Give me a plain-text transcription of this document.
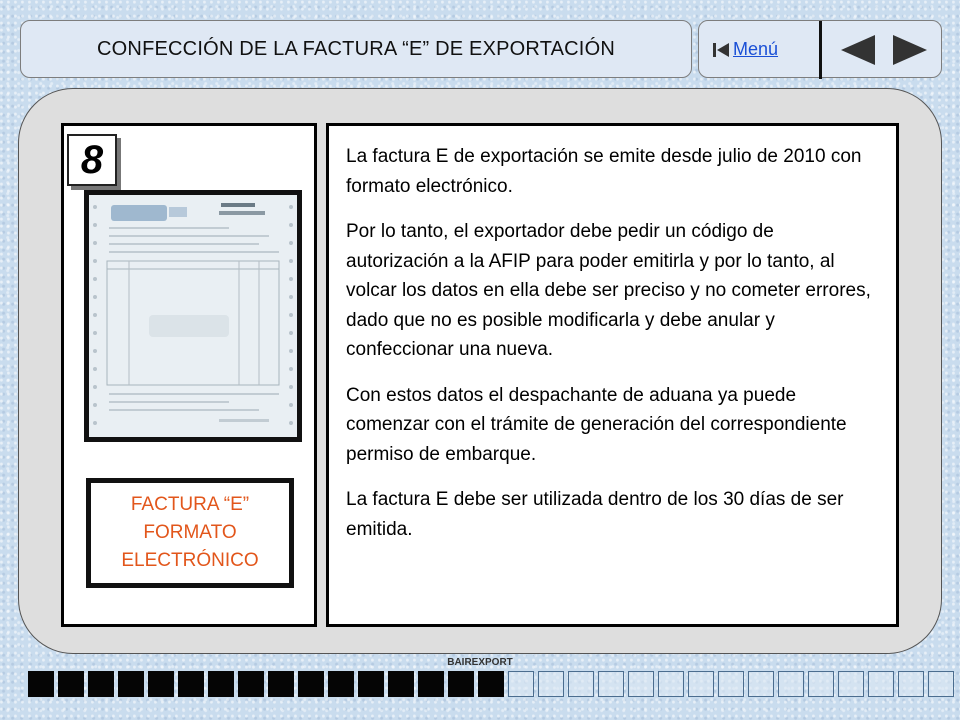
CONFECCIÓN DE LA FACTURA “E” DE EXPORTACIÓN	Menú
8
FACTURA “E”
FORMATO
ELECTRÓNICO

La factura E de exportación se emite desde julio de 2010 con formato electrónico.

Por lo tanto, el exportador debe pedir un código de autorización a la AFIP para poder emitirla y por lo tanto, al volcar los datos en ella debe ser preciso y no cometer errores, dado que no es posible modificarla y debe anular y confeccionar una nueva.

Con estos datos el despachante de aduana ya puede comenzar con el trámite de generación del correspondiente permiso de embarque.

La factura E debe ser utilizada dentro de los 30 días de ser emitida.

BAIREXPORT
